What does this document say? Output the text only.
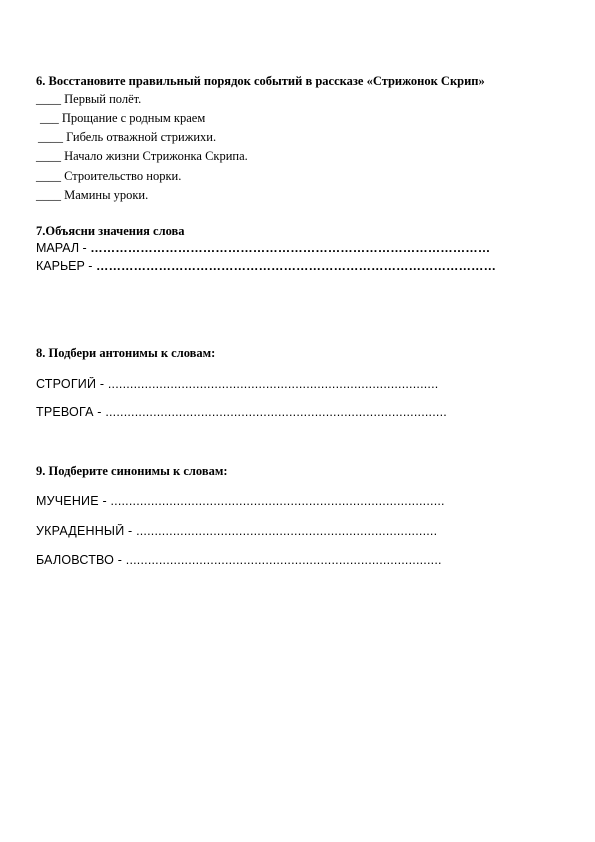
6. Восстановите правильный порядок событий в рассказе «Стрижонок Скрип»
____ Первый полёт.
___ Прощание с родным краем
____ Гибель отважной стрижихи.
____ Начало жизни Стрижонка Скрипа.
____ Строительство норки.
____ Мамины уроки.
7.Объясни значения слова
МАРАЛ - ……………………………………………………………………………………
КАРЬЕР - ……………………………………………………………………………………
8. Подбери антонимы к словам:
СТРОГИЙ - ..........................................................................................
ТРЕВОГА - .............................................................................................
9. Подберите синонимы к словам:
МУЧЕНИЕ - ...........................................................................................
УКРАДЕННЫЙ - ..................................................................................
БАЛОВСТВО - ......................................................................................
